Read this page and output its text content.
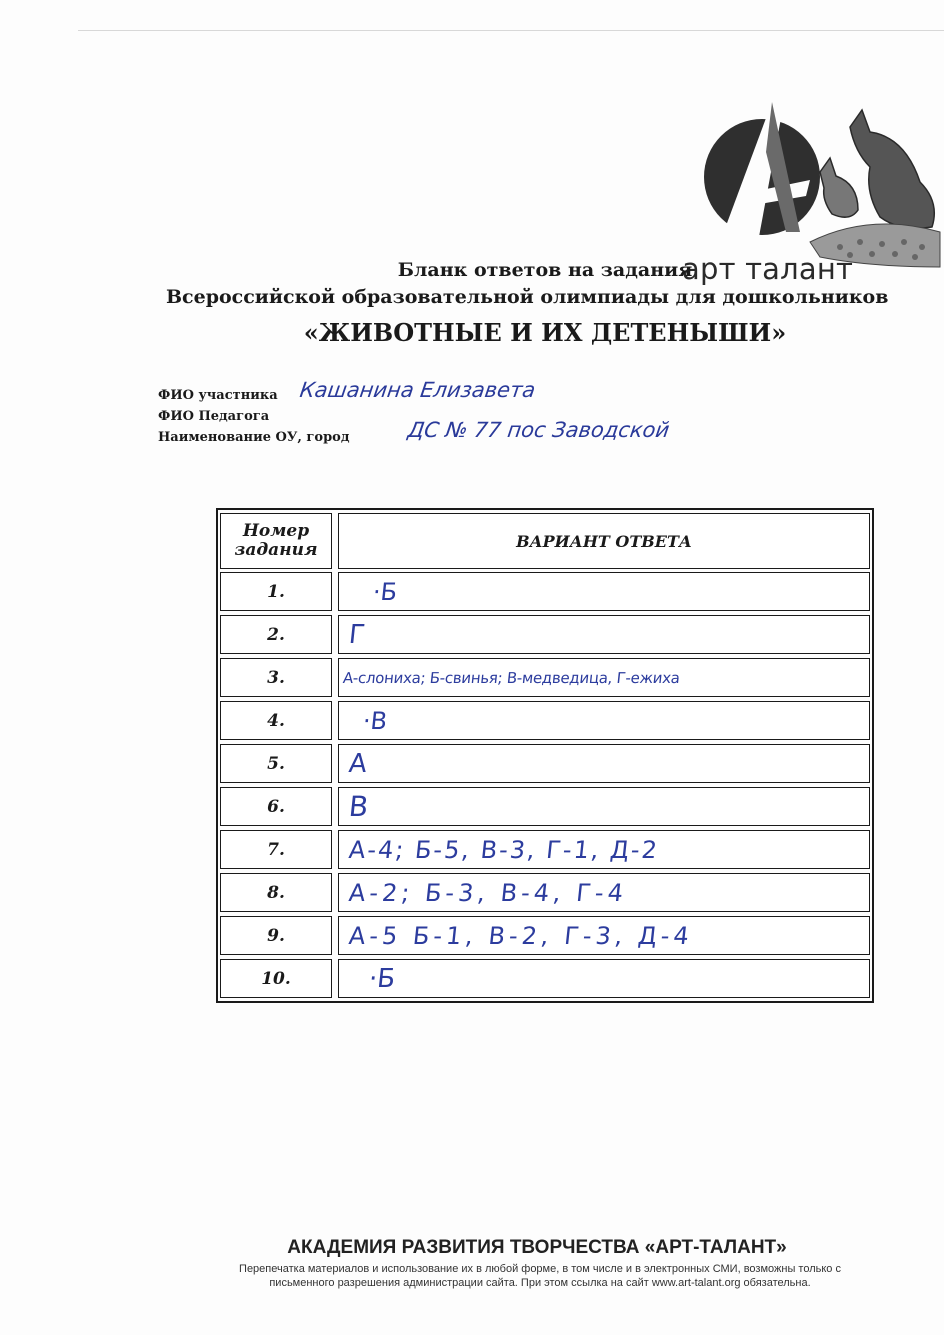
арт талант
Бланк ответов на задания
Всероссийской образовательной олимпиады для дошкольников
«ЖИВОТНЫЕ И ИХ ДЕТЕНЫШИ»
ФИО участника Кашанина Елизавета
ФИО Педагога
Наименование ОУ, город	ДС № 77 пос Заводской
Номер
задания	ВАРИАНТ ОТВЕТА
1.	·Б
2.	Г
3.	А-слониха; Б-свинья; В-медведица, Г-ежиха
4.	·В
5.	А
6.	В
7.	А-4; Б-5, В-3, Г-1, Д-2
8.	А-2; Б-3, В-4, Г-4
9.	А-5 Б-1, В-2, Г-3, Д-4
10.	·Б
АКАДЕМИЯ РАЗВИТИЯ ТВОРЧЕСТВА «АРТ-ТАЛАНТ»
Перепечатка материалов и использование их в любой форме, в том числе и в электронных СМИ, возможны только с
письменного разрешения администрации сайта. При этом ссылка на сайт www.art-talant.org обязательна.
